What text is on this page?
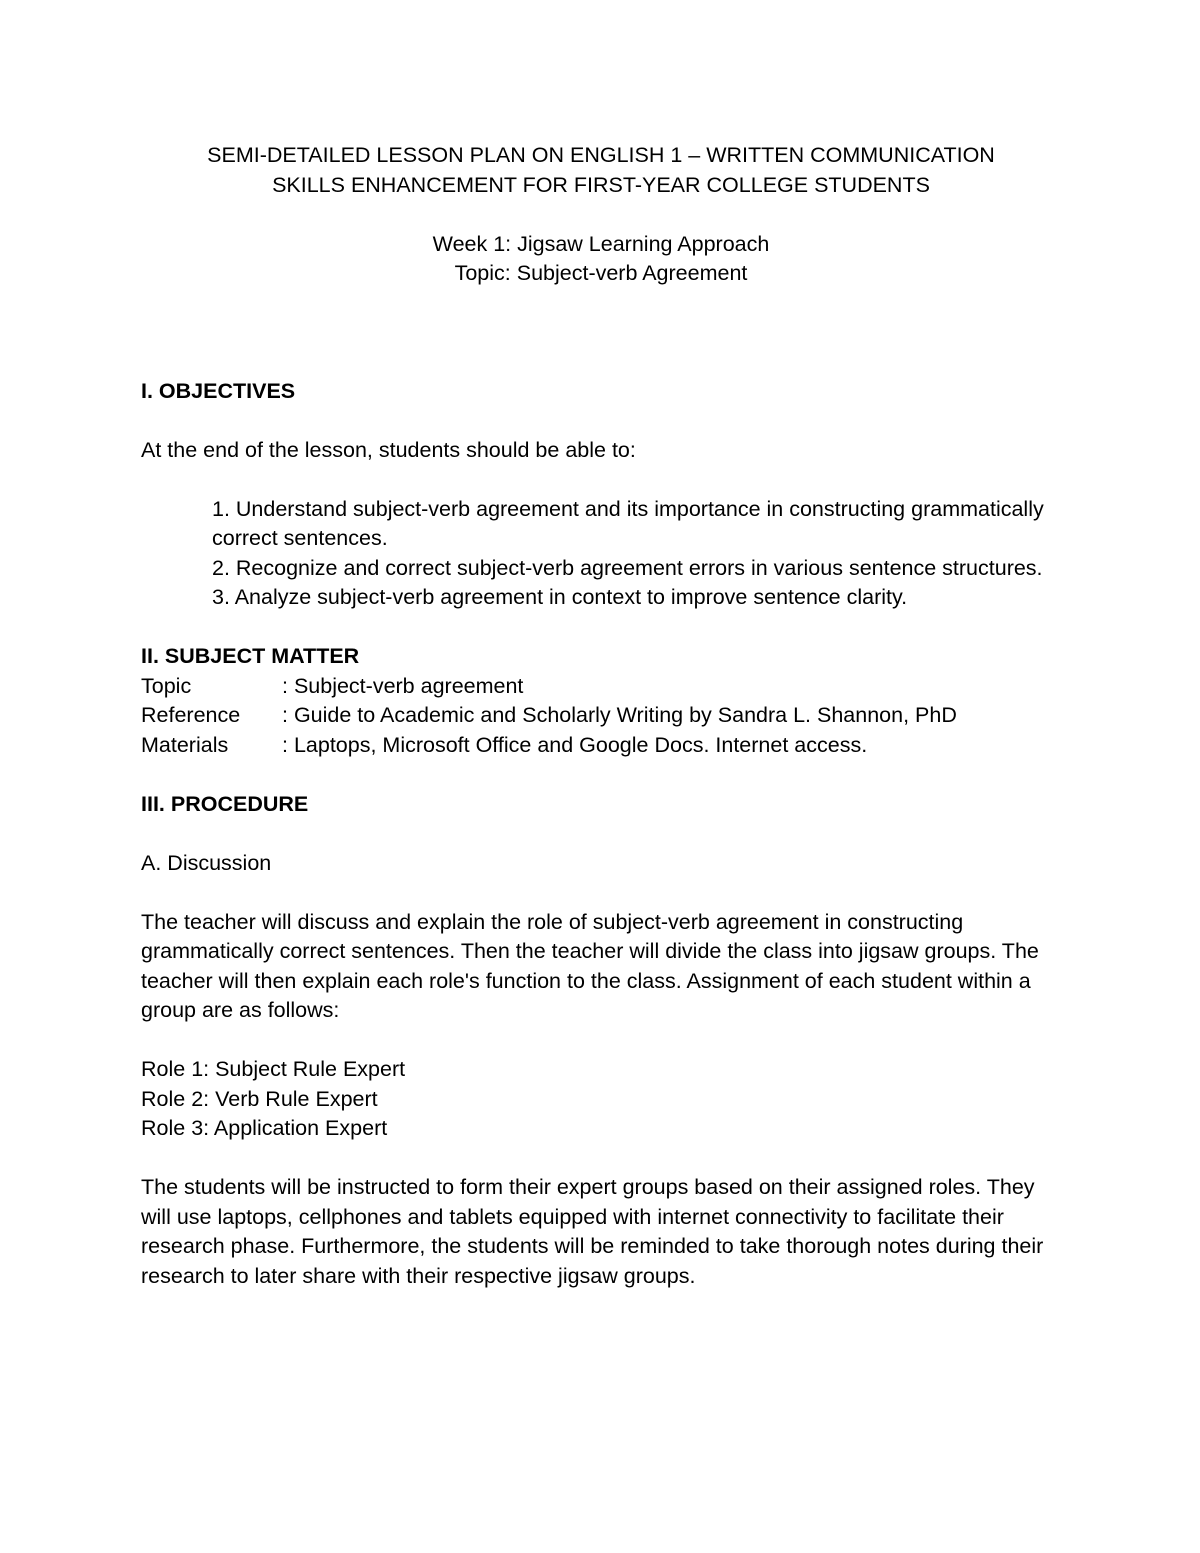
SEMI-DETAILED LESSON PLAN ON ENGLISH 1 – WRITTEN COMMUNICATION

SKILLS ENHANCEMENT FOR FIRST-YEAR COLLEGE STUDENTS

Week 1: Jigsaw Learning Approach

Topic: Subject-verb Agreement

I. OBJECTIVES

At the end of the lesson, students should be able to:

1. Understand subject-verb agreement and its importance in constructing grammatically correct sentences.

2. Recognize and correct subject-verb agreement errors in various sentence structures.

3. Analyze subject-verb agreement in context to improve sentence clarity.

II. SUBJECT MATTER

Topic	: Subject-verb agreement
Reference	: Guide to Academic and Scholarly Writing by Sandra L. Shannon, PhD
Materials	: Laptops, Microsoft Office and Google Docs. Internet access.

III. PROCEDURE

A. Discussion

The teacher will discuss and explain the role of subject-verb agreement in constructing grammatically correct sentences. Then the teacher will divide the class into jigsaw groups. The teacher will then explain each role's function to the class. Assignment of each student within a group are as follows:

Role 1: Subject Rule Expert

Role 2: Verb Rule Expert

Role 3: Application Expert

The students will be instructed to form their expert groups based on their assigned roles. They will use laptops, cellphones and tablets equipped with internet connectivity to facilitate their research phase. Furthermore, the students will be reminded to take thorough notes during their research to later share with their respective jigsaw groups.
